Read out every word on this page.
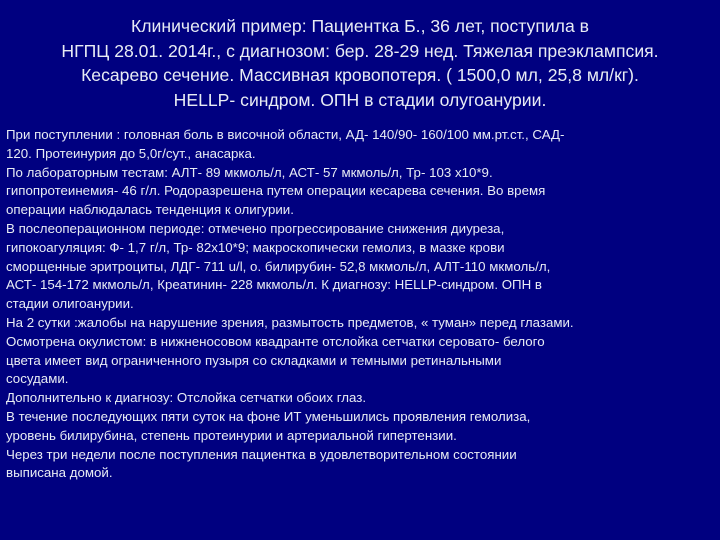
Клинический пример: Пациентка Б., 36 лет, поступила в
НГПЦ 28.01. 2014г., с диагнозом: бер. 28-29 нед. Тяжелая преэклампсия.
Кесарево сечение. Массивная кровопотеря. ( 1500,0 мл, 25,8 мл/кг).
HELLP- синдром. ОПН в стадии олугоанурии.
При поступлении : головная боль в височной области, АД- 140/90- 160/100 мм.рт.ст., САД-
120. Протеинурия до 5,0г/сут., анасарка.
По лабораторным тестам: АЛТ- 89 мкмоль/л, АСТ- 57 мкмоль/л, Тр- 103 х10*9.
гипопротеинемия- 46 г/л. Родоразрешена путем операции кесарева сечения. Во время
операции наблюдалась тенденция к олигурии.
В послеоперационном периоде: отмечено прогрессирование снижения диуреза,
гипокоагуляция: Ф- 1,7 г/л, Тр- 82х10*9; макроскопически гемолиз, в мазке крови
сморщенные эритроциты, ЛДГ- 711 u/l, о. билирубин- 52,8 мкмоль/л, АЛТ-110 мкмоль/л,
АСТ- 154-172 мкмоль/л, Креатинин- 228 мкмоль/л. К диагнозу: HELLP-синдром. ОПН в
стадии олигоанурии.
На 2 сутки :жалобы на нарушение зрения, размытость предметов, « туман» перед глазами.
Осмотрена окулистом: в нижненосовом квадранте отслойка сетчатки серовато- белого
цвета имеет вид ограниченного пузыря со складками и темными ретинальными
сосудами.
Дополнительно к диагнозу: Отслойка сетчатки обоих глаз.
В течение последующих пяти суток на фоне ИТ уменьшились проявления гемолиза,
уровень билирубина, степень протеинурии и артериальной гипертензии.
Через три недели после поступления пациентка в удовлетворительном состоянии
выписана домой.
